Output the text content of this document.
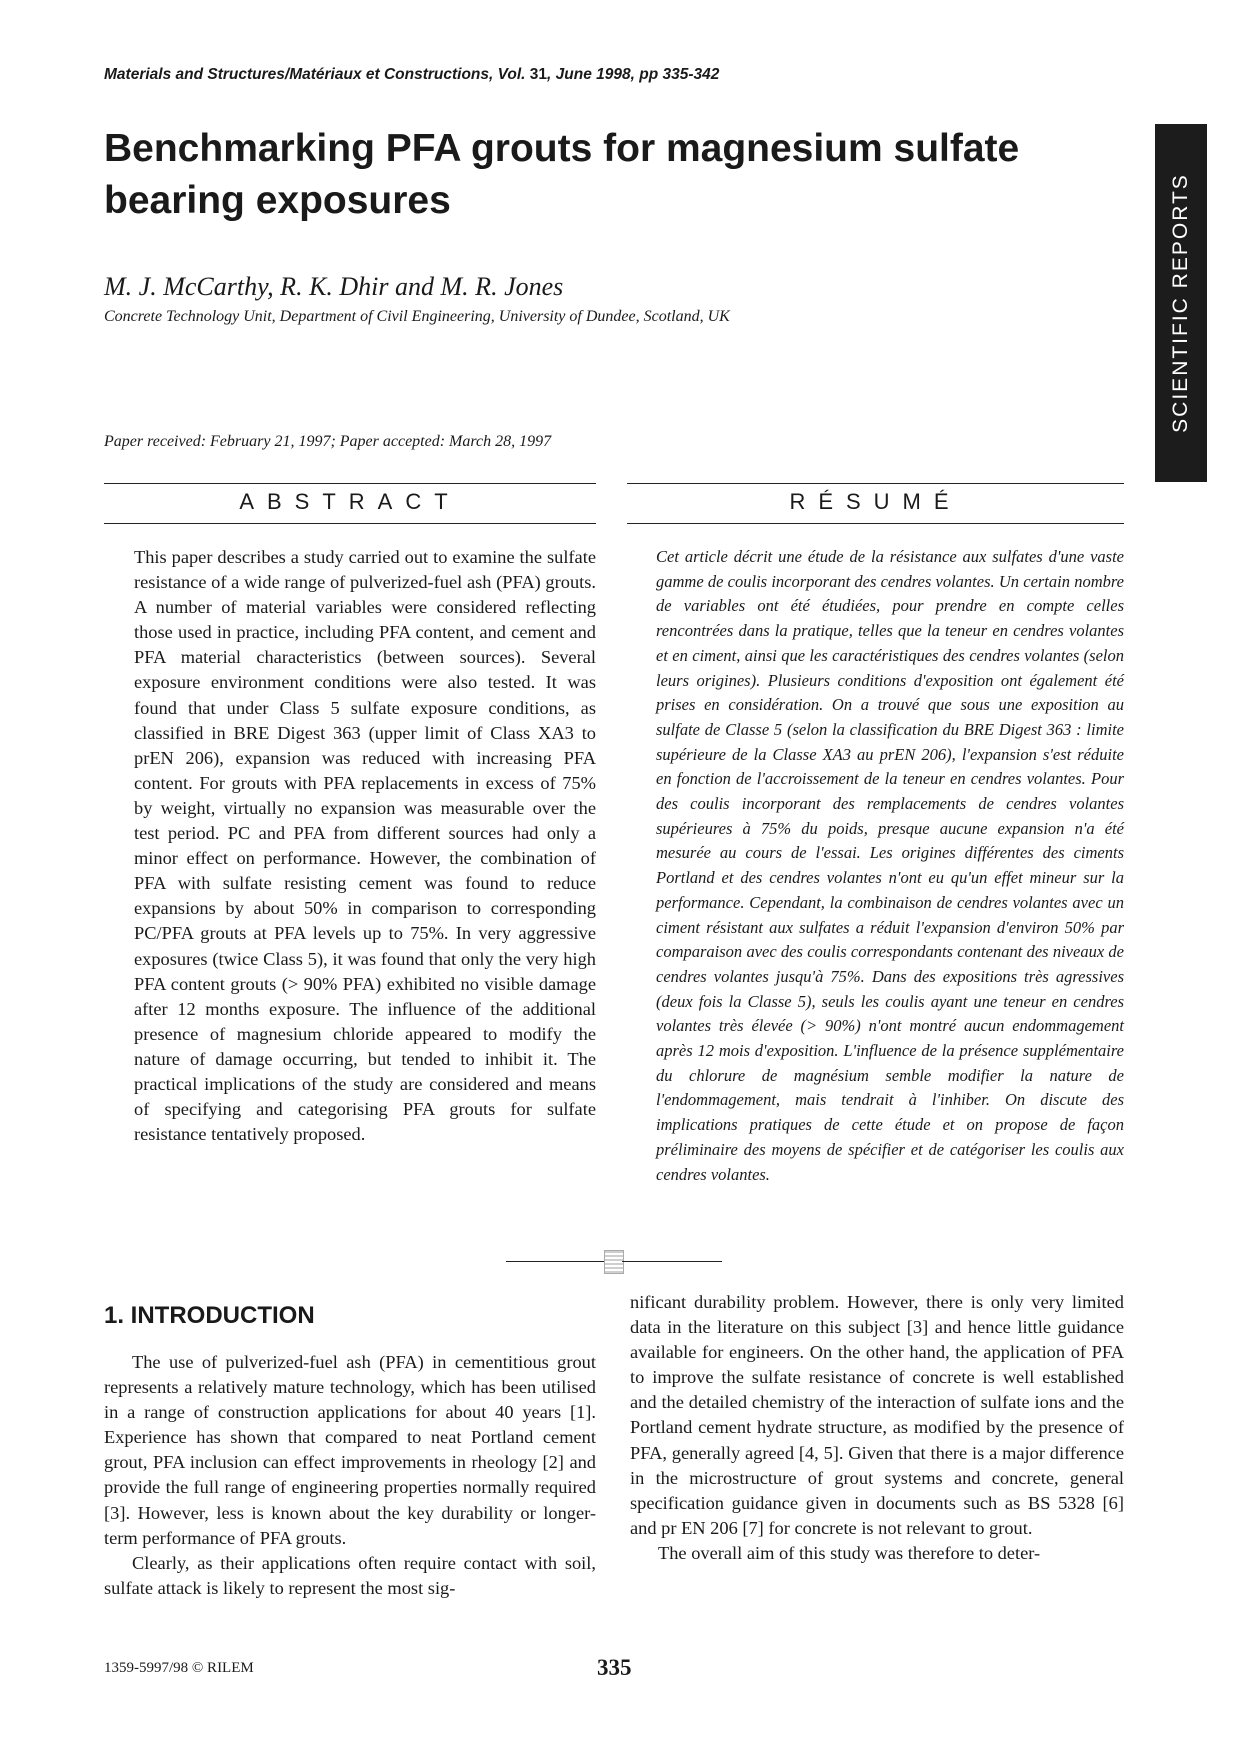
Materials and Structures/Matériaux et Constructions, Vol. 31, June 1998, pp 335-342
Benchmarking PFA grouts for magnesium sulfate bearing exposures
M. J. McCarthy, R. K. Dhir and M. R. Jones
Concrete Technology Unit, Department of Civil Engineering, University of Dundee, Scotland, UK	SCIENTIFIC REPORTS
Paper received: February 21, 1997; Paper accepted: March 28, 1997
ABSTRACT	RÉSUMÉ

This paper describes a study carried out to examine the sulfate resistance of a wide range of pulverized-fuel ash (PFA) grouts. A number of material variables were considered reflecting those used in practice, including PFA content, and cement and PFA material characteristics (between sources). Several exposure environment conditions were also tested. It was found that under Class 5 sulfate exposure conditions, as classified in BRE Digest 363 (upper limit of Class XA3 to prEN 206), expansion was reduced with increasing PFA content. For grouts with PFA replacements in excess of 75% by weight, virtually no expansion was measurable over the test period. PC and PFA from different sources had only a minor effect on performance. However, the combination of PFA with sulfate resisting cement was found to reduce expansions by about 50% in comparison to corresponding PC/PFA grouts at PFA levels up to 75%. In very aggressive exposures (twice Class 5), it was found that only the very high PFA content grouts (> 90% PFA) exhibited no visible damage after 12 months exposure. The influence of the additional presence of magnesium chloride appeared to modify the nature of damage occurring, but tended to inhibit it. The practical implications of the study are considered and means of specifying and categorising PFA grouts for sulfate resistance tentatively proposed.

Cet article décrit une étude de la résistance aux sulfates d'une vaste gamme de coulis incorporant des cendres volantes. Un certain nombre de variables ont été étudiées, pour prendre en compte celles rencontrées dans la pratique, telles que la teneur en cendres volantes et en ciment, ainsi que les caractéristiques des cendres volantes (selon leurs origines). Plusieurs conditions d'exposition ont également été prises en considération. On a trouvé que sous une exposition au sulfate de Classe 5 (selon la classification du BRE Digest 363 : limite supérieure de la Classe XA3 au prEN 206), l'expansion s'est réduite en fonction de l'accroissement de la teneur en cendres volantes. Pour des coulis incorporant des remplacements de cendres volantes supérieures à 75% du poids, presque aucune expansion n'a été mesurée au cours de l'essai. Les origines différentes des ciments Portland et des cendres volantes n'ont eu qu'un effet mineur sur la performance. Cependant, la combinaison de cendres volantes avec un ciment résistant aux sulfates a réduit l'expansion d'environ 50% par comparaison avec des coulis correspondants contenant des niveaux de cendres volantes jusqu'à 75%. Dans des expositions très agressives (deux fois la Classe 5), seuls les coulis ayant une teneur en cendres volantes très élevée (> 90%) n'ont montré aucun endommagement après 12 mois d'exposition. L'influence de la présence supplémentaire du chlorure de magnésium semble modifier la nature de l'endommagement, mais tendrait à l'inhiber. On discute des implications pratiques de cette étude et on propose de façon préliminaire des moyens de spécifier et de catégoriser les coulis aux cendres volantes.

1. INTRODUCTION

The use of pulverized-fuel ash (PFA) in cementitious grout represents a relatively mature technology, which has been utilised in a range of construction applications for about 40 years [1]. Experience has shown that compared to neat Portland cement grout, PFA inclusion can effect improvements in rheology [2] and provide the full range of engineering properties normally required [3]. However, less is known about the key durability or longer-term performance of PFA grouts.

Clearly, as their applications often require contact with soil, sulfate attack is likely to represent the most sig-

nificant durability problem. However, there is only very limited data in the literature on this subject [3] and hence little guidance available for engineers. On the other hand, the application of PFA to improve the sulfate resistance of concrete is well established and the detailed chemistry of the interaction of sulfate ions and the Portland cement hydrate structure, as modified by the presence of PFA, generally agreed [4, 5]. Given that there is a major difference in the microstructure of grout systems and concrete, general specification guidance given in documents such as BS 5328 [6] and pr EN 206 [7] for concrete is not relevant to grout.

The overall aim of this study was therefore to deter-

1359-5997/98 © RILEM	335
